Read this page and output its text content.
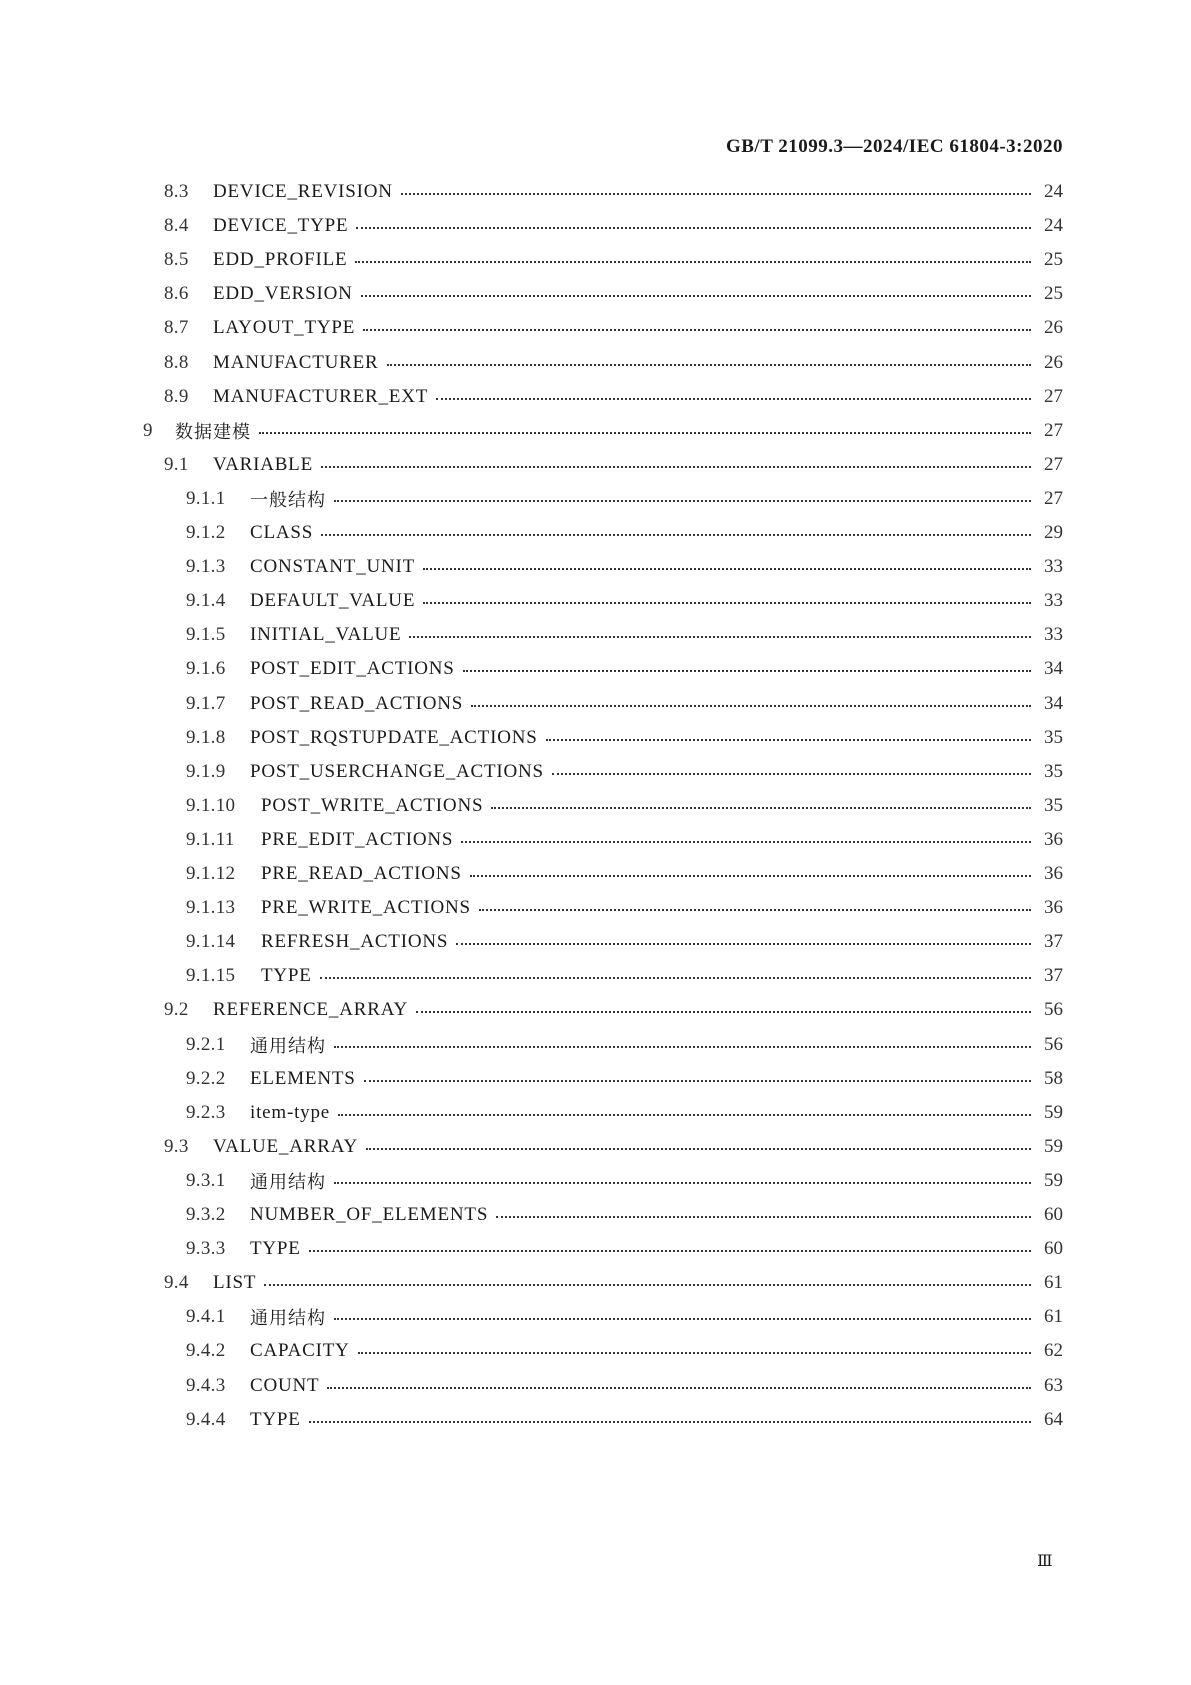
GB/T 21099.3—2024/IEC 61804-3:2020
8.3	DEVICE_REVISION	24
8.4	DEVICE_TYPE	24
8.5	EDD_PROFILE	25
8.6	EDD_VERSION	25
8.7	LAYOUT_TYPE	26
8.8	MANUFACTURER	26
8.9	MANUFACTURER_EXT	27
9	数据建模	27
9.1	VARIABLE	27
9.1.1	一般结构	27
9.1.2	CLASS	29
9.1.3	CONSTANT_UNIT	33
9.1.4	DEFAULT_VALUE	33
9.1.5	INITIAL_VALUE	33
9.1.6	POST_EDIT_ACTIONS	34
9.1.7	POST_READ_ACTIONS	34
9.1.8	POST_RQSTUPDATE_ACTIONS	35
9.1.9	POST_USERCHANGE_ACTIONS	35
9.1.10	POST_WRITE_ACTIONS	35
9.1.11	PRE_EDIT_ACTIONS	36
9.1.12	PRE_READ_ACTIONS	36
9.1.13	PRE_WRITE_ACTIONS	36
9.1.14	REFRESH_ACTIONS	37
9.1.15	TYPE	37
9.2	REFERENCE_ARRAY	56
9.2.1	通用结构	56
9.2.2	ELEMENTS	58
9.2.3	item-type	59
9.3	VALUE_ARRAY	59
9.3.1	通用结构	59
9.3.2	NUMBER_OF_ELEMENTS	60
9.3.3	TYPE	60
9.4	LIST	61
9.4.1	通用结构	61
9.4.2	CAPACITY	62
9.4.3	COUNT	63
9.4.4	TYPE	64
Ⅲ
